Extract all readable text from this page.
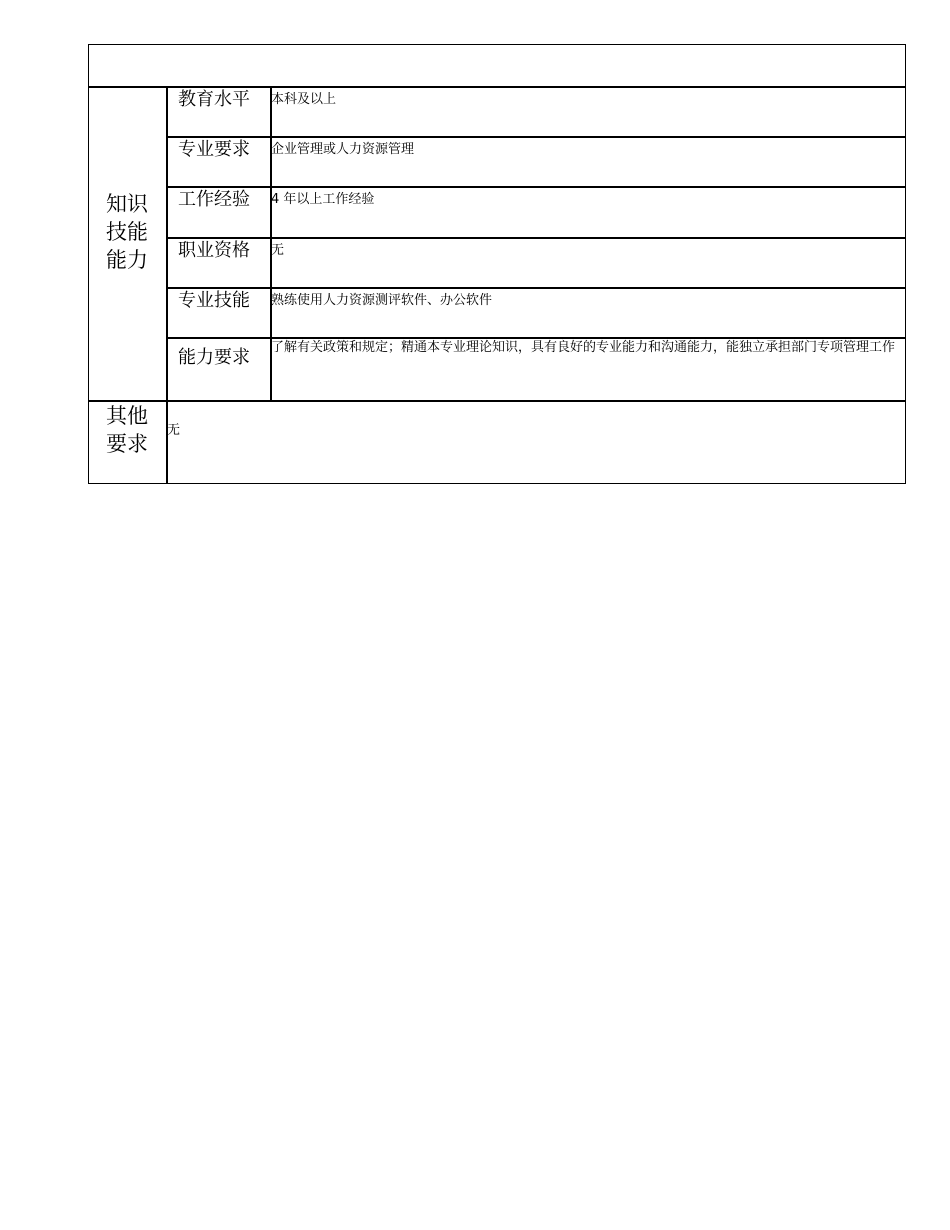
知识
技能
能力
教育水平 本科及以上
专业要求 企业管理或人力资源管理
工作经验 4 年以上工作经验
职业资格 无
专业技能 熟练使用人力资源测评软件、办公软件
能力要求 了解有关政策和规定；精通本专业理论知识，具有良好的专业能力和沟通能力，能独立承担部门专项管理工作
其他
要求
无
